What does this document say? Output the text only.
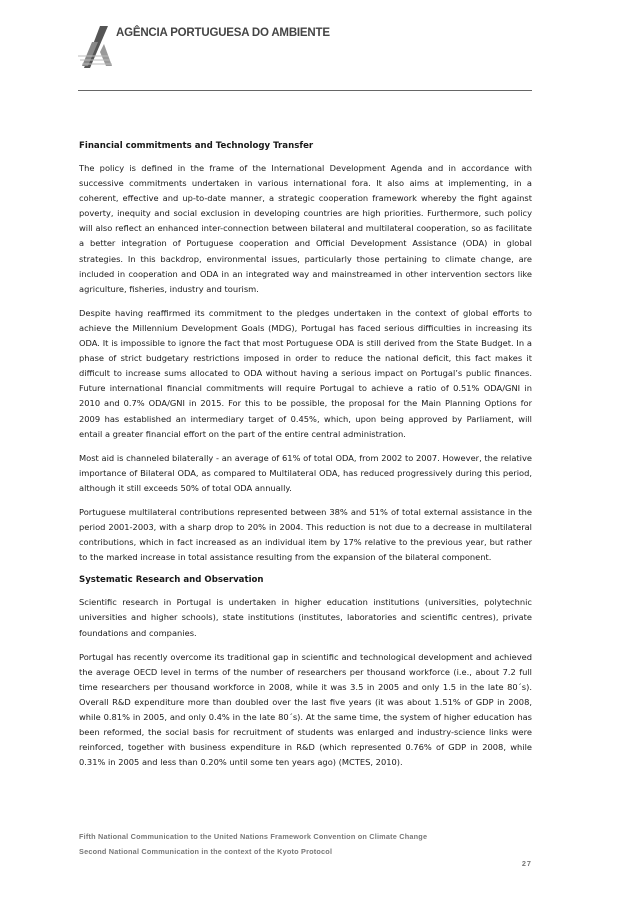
AGÊNCIA PORTUGUESA DO AMBIENTE
Financial commitments and Technology Transfer

The policy is defined in the frame of the International Development Agenda and in accordance with successive commitments undertaken in various international fora. It also aims at implementing, in a coherent, effective and up-to-date manner, a strategic cooperation framework whereby the fight against poverty, inequity and social exclusion in developing countries are high priorities. Furthermore, such policy will also reflect an enhanced inter-connection between bilateral and multilateral cooperation, so as facilitate a better integration of Portuguese cooperation and Official Development Assistance (ODA) in global strategies. In this backdrop, environmental issues, particularly those pertaining to climate change, are included in cooperation and ODA in an integrated way and mainstreamed in other intervention sectors like agriculture, fisheries, industry and tourism.

Despite having reaffirmed its commitment to the pledges undertaken in the context of global efforts to achieve the Millennium Development Goals (MDG), Portugal has faced serious difficulties in increasing its ODA. It is impossible to ignore the fact that most Portuguese ODA is still derived from the State Budget. In a phase of strict budgetary restrictions imposed in order to reduce the national deficit, this fact makes it difficult to increase sums allocated to ODA without having a serious impact on Portugal’s public finances. Future international financial commitments will require Portugal to achieve a ratio of 0.51% ODA/GNI in 2010 and 0.7% ODA/GNI in 2015. For this to be possible, the proposal for the Main Planning Options for 2009 has established an intermediary target of 0.45%, which, upon being approved by Parliament, will entail a greater financial effort on the part of the entire central administration.

Most aid is channeled bilaterally - an average of 61% of total ODA, from 2002 to 2007. However, the relative importance of Bilateral ODA, as compared to Multilateral ODA, has reduced progressively during this period, although it still exceeds 50% of total ODA annually.

Portuguese multilateral contributions represented between 38% and 51% of total external assistance in the period 2001-2003, with a sharp drop to 20% in 2004. This reduction is not due to a decrease in multilateral contributions, which in fact increased as an individual item by 17% relative to the previous year, but rather to the marked increase in total assistance resulting from the expansion of the bilateral component.

Systematic Research and Observation

Scientific research in Portugal is undertaken in higher education institutions (universities, polytechnic universities and higher schools), state institutions (institutes, laboratories and scientific centres), private foundations and companies.

Portugal has recently overcome its traditional gap in scientific and technological development and achieved the average OECD level in terms of the number of researchers per thousand workforce (i.e., about 7.2 full time researchers per thousand workforce in 2008, while it was 3.5 in 2005 and only 1.5 in the late 80´s). Overall R&D expenditure more than doubled over the last five years (it was about 1.51% of GDP in 2008, while 0.81% in 2005, and only 0.4% in the late 80´s). At the same time, the system of higher education has been reformed, the social basis for recruitment of students was enlarged and industry-science links were reinforced, together with business expenditure in R&D (which represented 0.76% of GDP in 2008, while 0.31% in 2005 and less than 0.20% until some ten years ago) (MCTES, 2010).

Fifth National Communication to the United Nations Framework Convention on Climate Change
Second National Communication in the context of the Kyoto Protocol
27
